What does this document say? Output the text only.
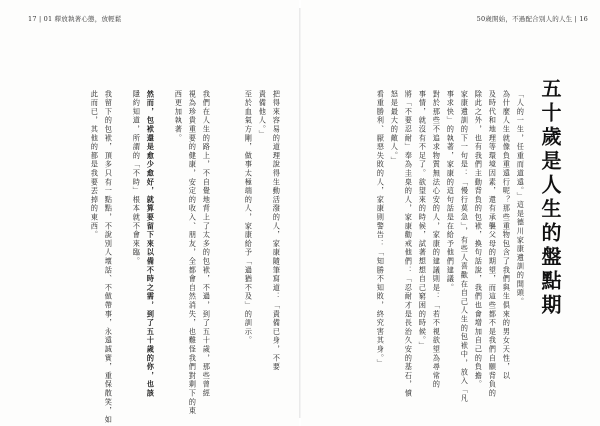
17 | 01 釋放執著心態，放輕鬆	50歲開始，不過配合別人的人生 | 16
五十歲是人生的盤點期
「人的一生，任重而道遠。」這是德川家康遺訓的開頭。
為什麼人生就像負重遠行呢？那些重物包含了我們與生俱來的男女天性，以
及時代和地理等環境因素，還有承襲父母的期望，而這些都不是我們自願背負的
除此之外，也有我們主動背負的包袱，換句話說，我們也會增加自己的負擔。
家康遺訓的下一句是：「慢行莫急」，有些人喜歡在自己人生的包袱中，放入「凡
事求快」的執著，家康的這句話是在給予他們建議。
對於那些不追求物質無法心安的人，家康的建議則是：「若不視欲望為尋常的
事情，就沒有不足了。欲望來的時候，試著想想自己窮困的時候。」
將「不要忍耐」奉為圭臬的人，家康勸戒他們：「忍耐才是長治久安的基石，憤
怒是最大的敵人。」
看重勝利、厭惡失敗的人，家康則警告：「知勝不知敗，終究害其身。」
把得來容易的道理說得生動活潑的人，家康隨筆寫道：「責備已身，不要
責備他人。」
至於血氣方剛，做事太極端的人，家康給予「過猶不及」的訓示。
我們在人生的路上，不自覺地背上了太多的包袱，不過，到了五十歲，那些曾經
視為珍貴重要的健康，安定的收入、朋友，全都會自然消失，也難怪我們對剩下的東
西更加執著。
然而，包袱還是愈少愈好，就算要留下來以備不時之需，到了五十歲的你，也該
隱約知道，所謂的「不時」根本就不會來臨。
我留下的包袱，頂多只有一點點，不說別人壞話、不做帶事，永遠誠實，重保散笑，如
此而已，其他的都是我要丟掉的東西。
